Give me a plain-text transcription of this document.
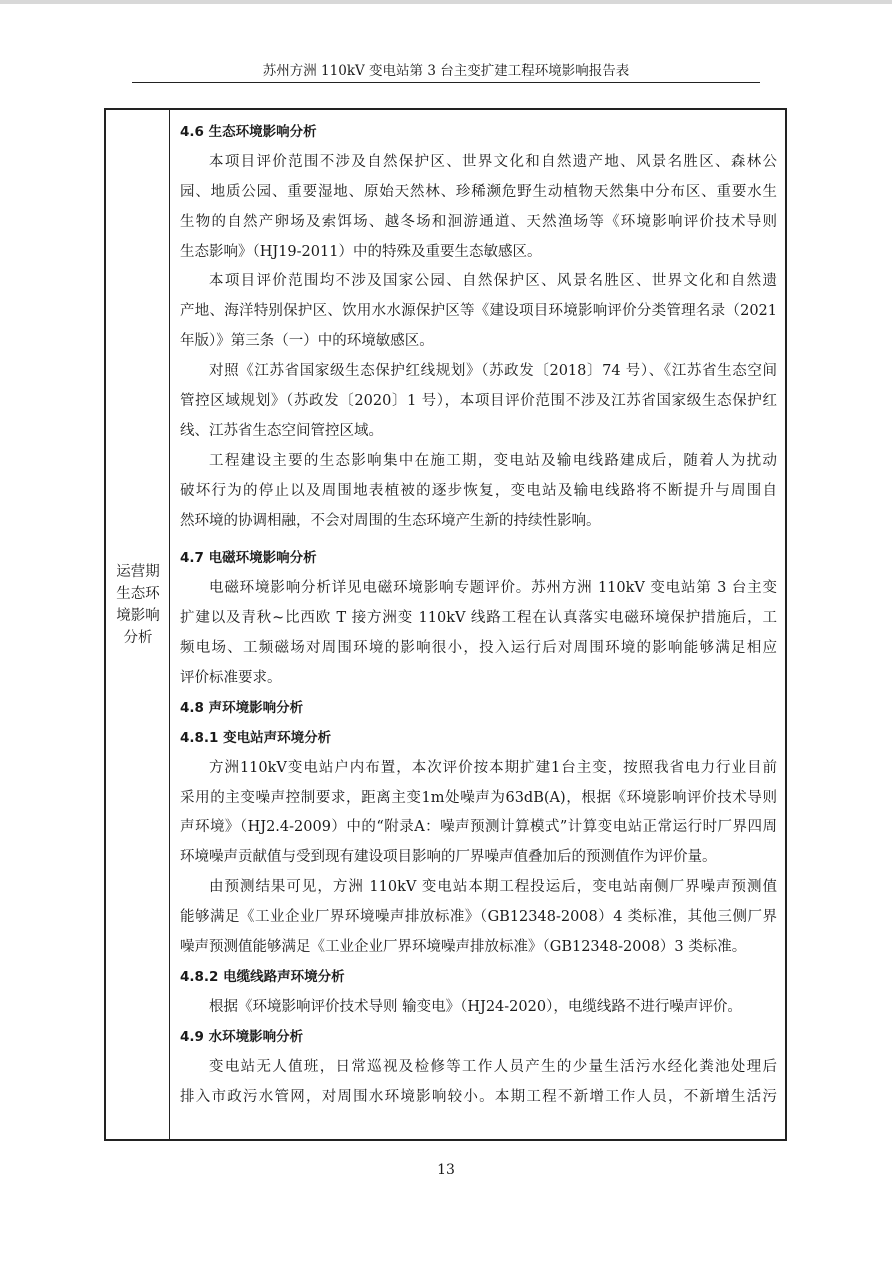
苏州方洲 110kV 变电站第 3 台主变扩建工程环境影响报告表
运营期
生态环
境影响
分析
4.6 生态环境影响分析
本项目评价范围不涉及自然保护区、世界文化和自然遗产地、风景名胜区、森林公
园、地质公园、重要湿地、原始天然林、珍稀濒危野生动植物天然集中分布区、重要水生
生物的自然产卵场及索饵场、越冬场和洄游通道、天然渔场等《环境影响评价技术导则
生态影响》（HJ19-2011）中的特殊及重要生态敏感区。
本项目评价范围均不涉及国家公园、自然保护区、风景名胜区、世界文化和自然遗
产地、海洋特别保护区、饮用水水源保护区等《建设项目环境影响评价分类管理名录（2021
年版）》第三条（一）中的环境敏感区。
对照《江苏省国家级生态保护红线规划》（苏政发〔2018〕74 号）、《江苏省生态空间
管控区域规划》（苏政发〔2020〕1 号），本项目评价范围不涉及江苏省国家级生态保护红
线、江苏省生态空间管控区域。
工程建设主要的生态影响集中在施工期，变电站及输电线路建成后，随着人为扰动
破坏行为的停止以及周围地表植被的逐步恢复，变电站及输电线路将不断提升与周围自
然环境的协调相融，不会对周围的生态环境产生新的持续性影响。
4.7 电磁环境影响分析
电磁环境影响分析详见电磁环境影响专题评价。苏州方洲 110kV 变电站第 3 台主变
扩建以及青秋~比西欧 T 接方洲变 110kV 线路工程在认真落实电磁环境保护措施后，工
频电场、工频磁场对周围环境的影响很小，投入运行后对周围环境的影响能够满足相应
评价标准要求。
4.8 声环境影响分析
4.8.1 变电站声环境分析
方洲110kV变电站户内布置，本次评价按本期扩建1台主变，按照我省电力行业目前
采用的主变噪声控制要求，距离主变1m处噪声为63dB(A)，根据《环境影响评价技术导则
声环境》（HJ2.4-2009）中的“附录A：噪声预测计算模式”计算变电站正常运行时厂界四周
环境噪声贡献值与受到现有建设项目影响的厂界噪声值叠加后的预测值作为评价量。
由预测结果可见，方洲 110kV 变电站本期工程投运后，变电站南侧厂界噪声预测值
能够满足《工业企业厂界环境噪声排放标准》（GB12348-2008）4 类标准，其他三侧厂界
噪声预测值能够满足《工业企业厂界环境噪声排放标准》（GB12348-2008）3 类标准。
4.8.2 电缆线路声环境分析
根据《环境影响评价技术导则 输变电》（HJ24-2020），电缆线路不进行噪声评价。
4.9 水环境影响分析
变电站无人值班，日常巡视及检修等工作人员产生的少量生活污水经化粪池处理后
排入市政污水管网，对周围水环境影响较小。本期工程不新增工作人员，不新增生活污
13
